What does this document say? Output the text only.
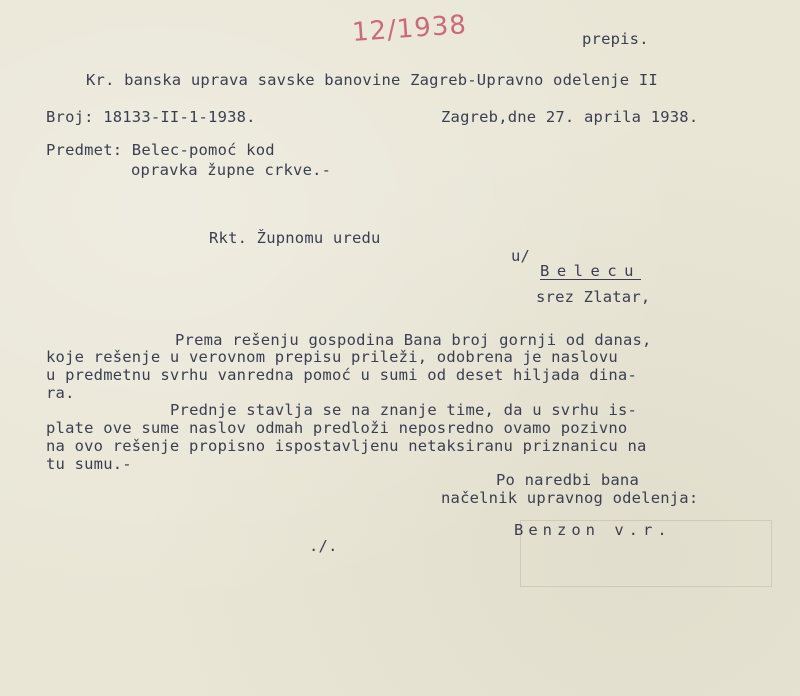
12/1938	prepis.
Kr. banska uprava savske banovine Zagreb-Upravno odelenje II
Broj: 18133-II-1-1938.	Zagreb,dne 27. aprila 1938.
Predmet: Belec-pomoć kod
opravka župne crkve.-
Rkt. Župnomu uredu
u/
Belecu
srez Zlatar,
Prema rešenju gospodina Bana broj gornji od danas,
koje rešenje u verovnom prepisu prileži, odobrena je naslovu
u predmetnu svrhu vanredna pomoć u sumi od deset hiljada dina-
ra.
Prednje stavlja se na znanje time, da u svrhu is-
plate ove sume naslov odmah predloži neposredno ovamo pozivno
na ovo rešenje propisno ispostavljenu netaksiranu priznanicu na
tu sumu.-
Po naredbi bana
načelnik upravnog odelenja:
Benzon v.r.
./.
